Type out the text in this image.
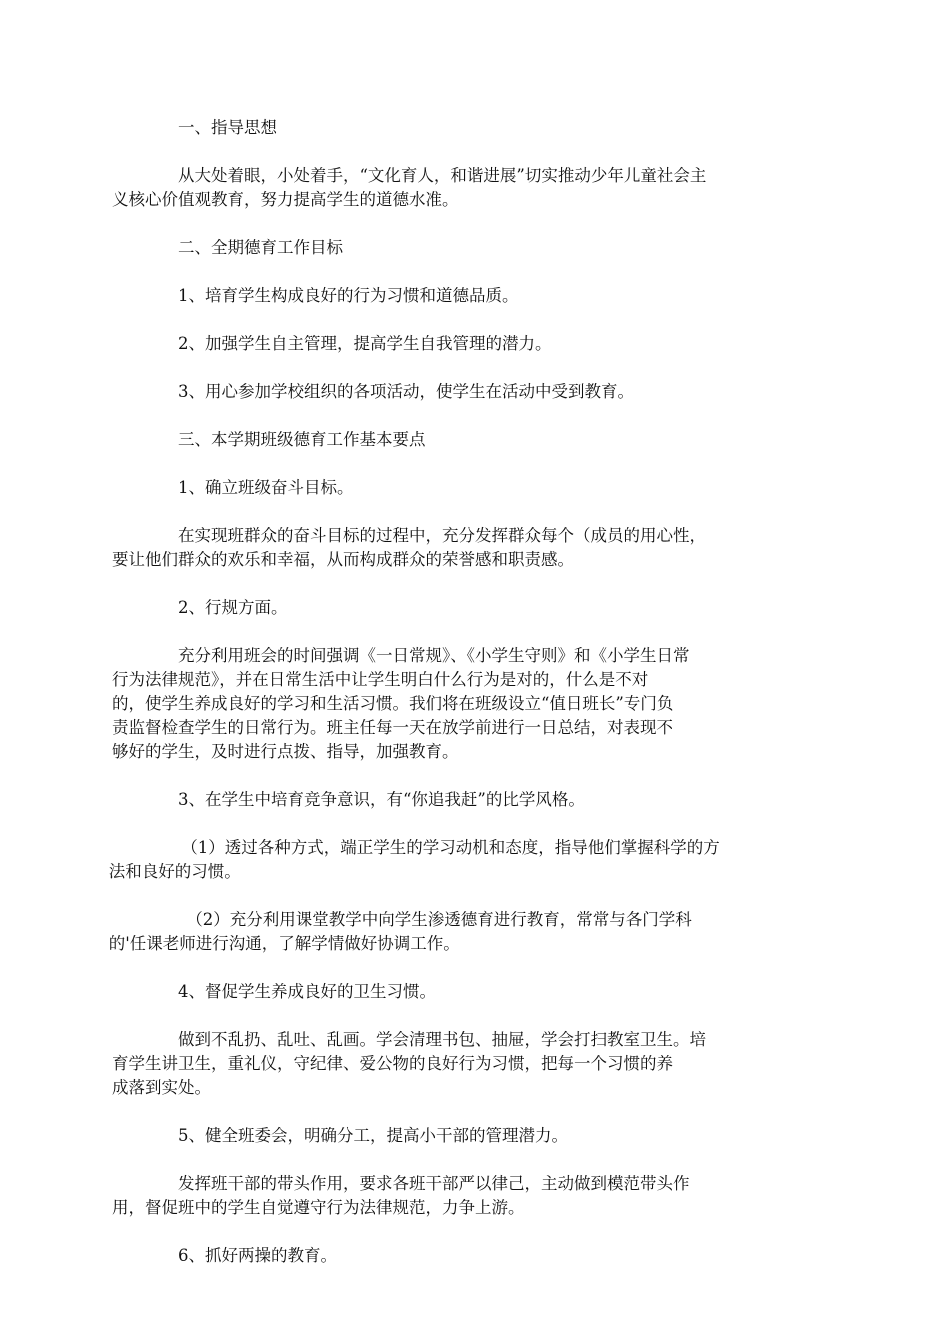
一、指导思想

从大处着眼，小处着手，“文化育人，和谐进展”切实推动少年儿童社会主
义核心价值观教育，努力提高学生的道德水准。

二、全期德育工作目标

1、培育学生构成良好的行为习惯和道德品质。

2、加强学生自主管理，提高学生自我管理的潜力。

3、用心参加学校组织的各项活动，使学生在活动中受到教育。

三、本学期班级德育工作基本要点

1、确立班级奋斗目标。

在实现班群众的奋斗目标的过程中，充分发挥群众每个（成员的用心性，
要让他们群众的欢乐和幸福，从而构成群众的荣誉感和职责感。

2、行规方面。

充分利用班会的时间强调《一日常规》、《小学生守则》和《小学生日常
行为法律规范》，并在日常生活中让学生明白什么行为是对的，什么是不对
的，使学生养成良好的学习和生活习惯。我们将在班级设立“值日班长”专门负
责监督检查学生的日常行为。班主任每一天在放学前进行一日总结，对表现不
够好的学生，及时进行点拨、指导，加强教育。

3、在学生中培育竞争意识，有“你追我赶”的比学风格。

（1）透过各种方式，端正学生的学习动机和态度，指导他们掌握科学的方
法和良好的习惯。

（2）充分利用课堂教学中向学生渗透德育进行教育，常常与各门学科
的'任课老师进行沟通，了解学情做好协调工作。

4、督促学生养成良好的卫生习惯。

做到不乱扔、乱吐、乱画。学会清理书包、抽屉，学会打扫教室卫生。培
育学生讲卫生，重礼仪，守纪律、爱公物的良好行为习惯，把每一个习惯的养
成落到实处。

5、健全班委会，明确分工，提高小干部的管理潜力。

发挥班干部的带头作用，要求各班干部严以律己，主动做到模范带头作
用，督促班中的学生自觉遵守行为法律规范，力争上游。

6、抓好两操的教育。
